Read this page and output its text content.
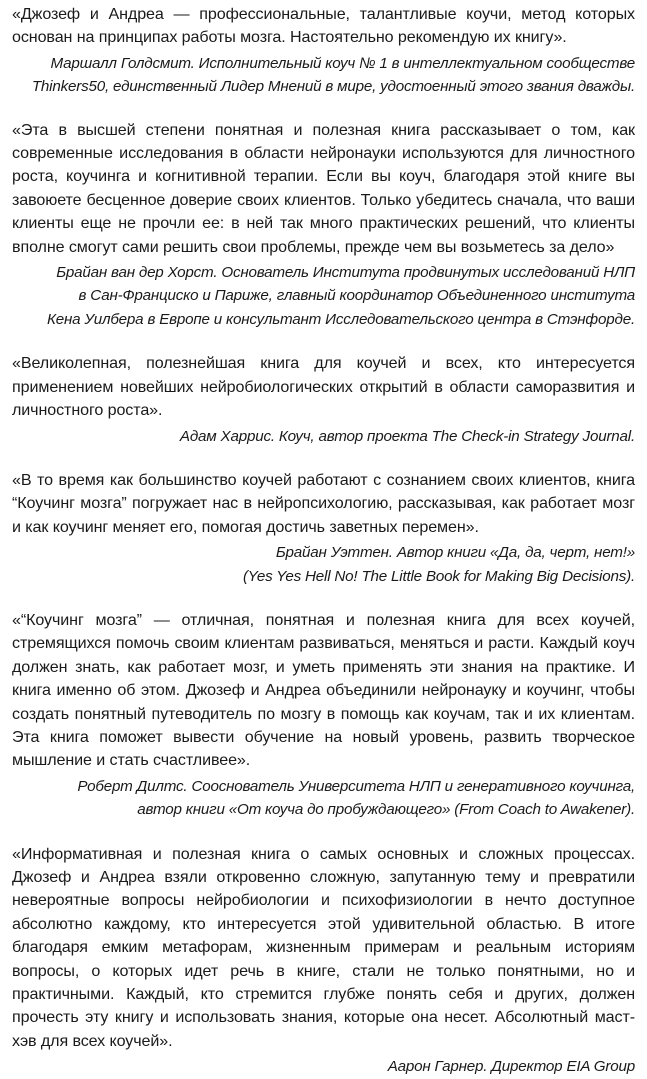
«Джозеф и Андреа — профессиональные, талантливые коучи, метод которых основан на принципах работы мозга. Настоятельно рекомендую их книгу».

Маршалл Голдсмит. Исполнительный коуч № 1 в интеллектуальном сообществе
Thinkers50, единственный Лидер Мнений в мире, удостоенный этого звания дважды.

«Эта в высшей степени понятная и полезная книга рассказывает о том, как современные исследования в области нейронауки используются для личностного роста, коучинга и когнитивной терапии. Если вы коуч, благодаря этой книге вы завоюете бесценное доверие своих клиентов. Только убедитесь сначала, что ваши клиенты еще не прочли ее: в ней так много практических решений, что клиенты вполне смогут сами решить свои проблемы, прежде чем вы возьметесь за дело»

Брайан ван дер Хорст. Основатель Института продвинутых исследований НЛП
в Сан-Франциско и Париже, главный координатор Объединенного института
Кена Уилбера в Европе и консультант Исследовательского центра в Стэнфорде.

«Великолепная, полезнейшая книга для коучей и всех, кто интересуется применением новейших нейробиологических открытий в области саморазвития и личностного роста».

Адам Харрис. Коуч, автор проекта The Check-in Strategy Journal.

«В то время как большинство коучей работают с сознанием своих клиентов, книга “Коучинг мозга” погружает нас в нейропсихологию, рассказывая, как работает мозг и как коучинг меняет его, помогая достичь заветных перемен».

Брайан Уэттен. Автор книги «Да, да, черт, нет!»
(Yes Yes Hell No! The Little Book for Making Big Decisions).

«“Коучинг мозга” — отличная, понятная и полезная книга для всех коучей, стремящихся помочь своим клиентам развиваться, меняться и расти. Каждый коуч должен знать, как работает мозг, и уметь применять эти знания на практике. И книга именно об этом. Джозеф и Андреа объединили нейронауку и коучинг, чтобы создать понятный путеводитель по мозгу в помощь как коучам, так и их клиентам. Эта книга поможет вывести обучение на новый уровень, развить творческое мышление и стать счастливее».

Роберт Дилтс. Сооснователь Университета НЛП и генеративного коучинга,
автор книги «От коуча до пробуждающего» (From Coach to Awakener).

«Информативная и полезная книга о самых основных и сложных процессах. Джозеф и Андреа взяли откровенно сложную, запутанную тему и превратили невероятные вопросы нейробиологии и психофизиологии в нечто доступное абсолютно каждому, кто интересуется этой удивительной областью. В итоге благодаря емким метафорам, жизненным примерам и реальным историям вопросы, о которых идет речь в книге, стали не только понятными, но и практичными. Каждый, кто стремится глубже понять себя и других, должен прочесть эту книгу и использовать знания, которые она несет. Абсолютный маст-хэв для всех коучей».

Аарон Гарнер. Директор EIA Group
